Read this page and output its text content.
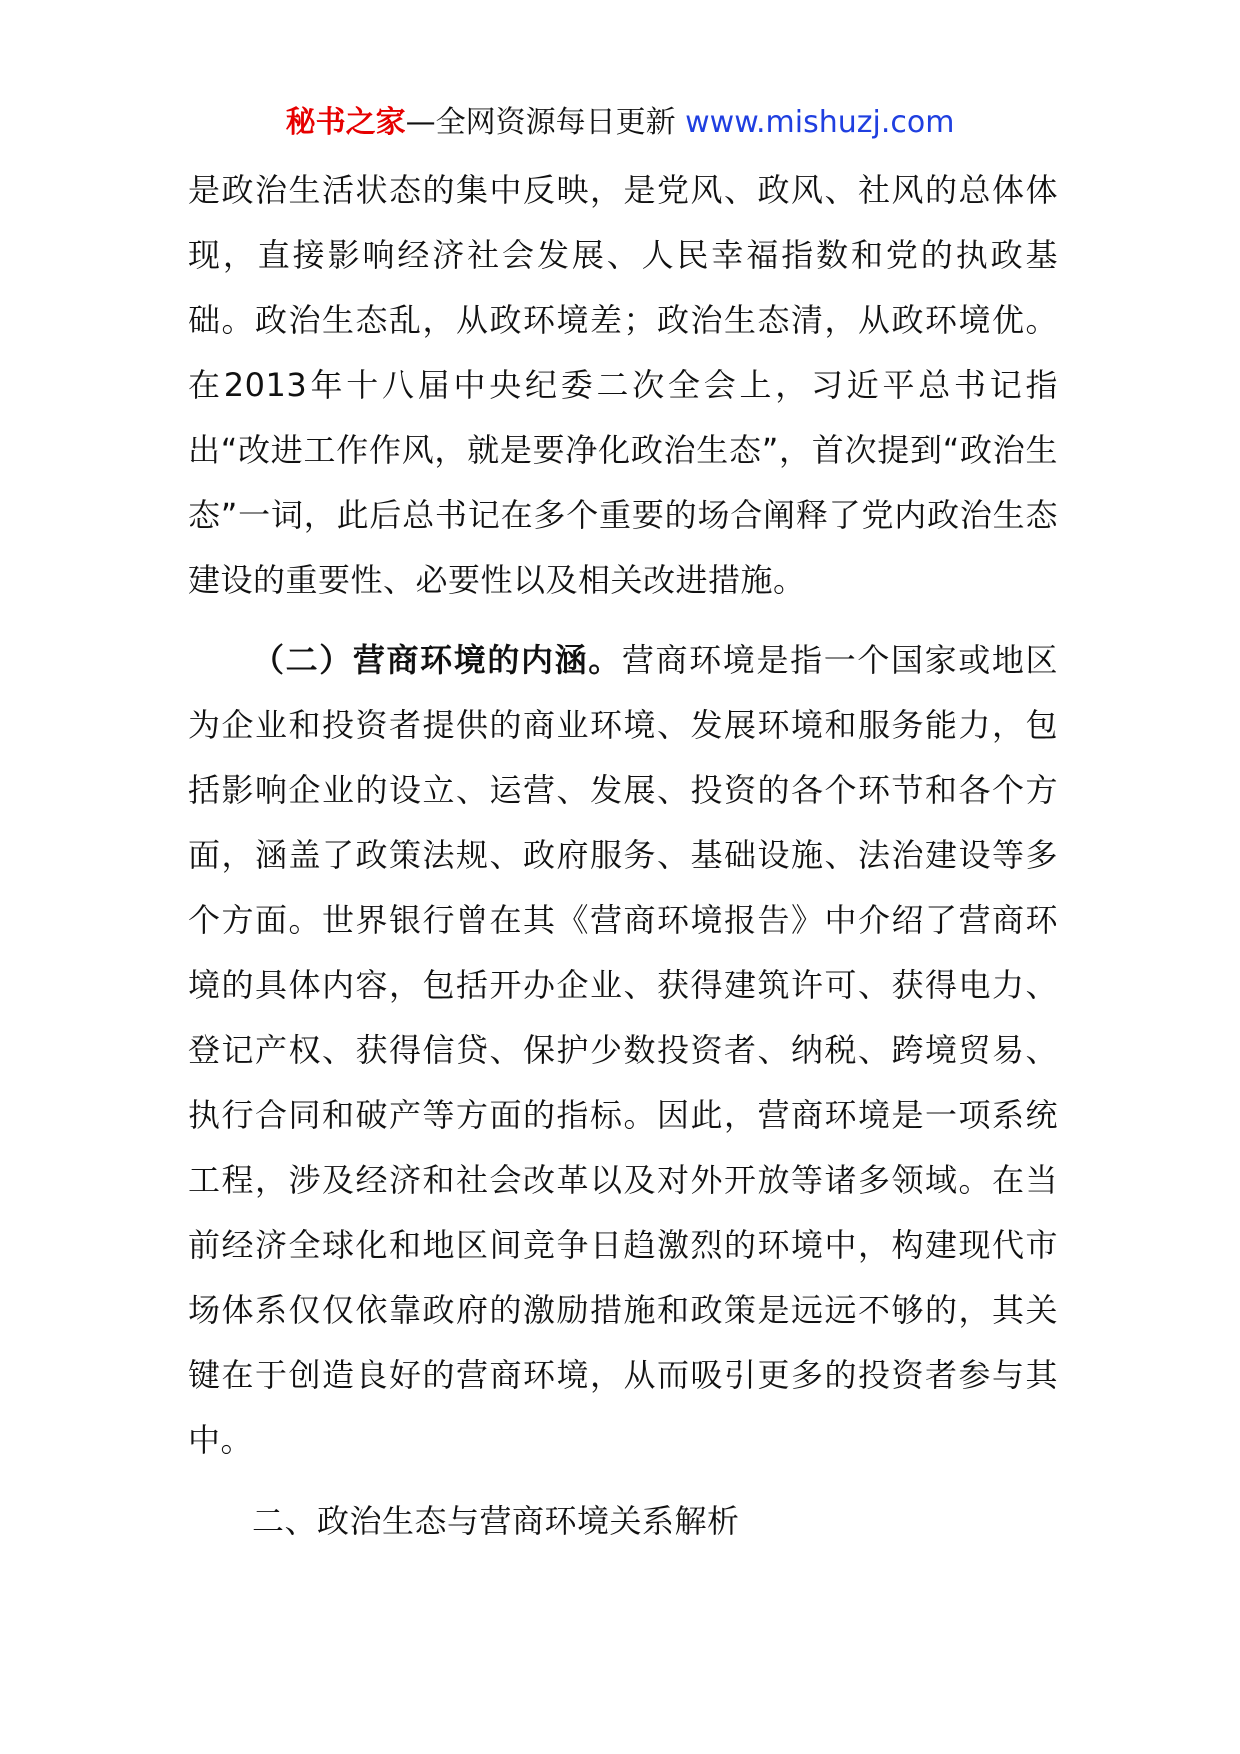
秘书之家—全网资源每日更新 www.mishuzj.com

是政治生活状态的集中反映，是党风、政风、社风的总体体现，直接影响经济社会发展、人民幸福指数和党的执政基础。政治生态乱，从政环境差；政治生态清，从政环境优。在2013年十八届中央纪委二次全会上，习近平总书记指出“改进工作作风，就是要净化政治生态”，首次提到“政治生态”一词，此后总书记在多个重要的场合阐释了党内政治生态建设的重要性、必要性以及相关改进措施。

（二）营商环境的内涵。营商环境是指一个国家或地区为企业和投资者提供的商业环境、发展环境和服务能力，包括影响企业的设立、运营、发展、投资的各个环节和各个方面，涵盖了政策法规、政府服务、基础设施、法治建设等多个方面。世界银行曾在其《营商环境报告》中介绍了营商环境的具体内容，包括开办企业、获得建筑许可、获得电力、登记产权、获得信贷、保护少数投资者、纳税、跨境贸易、执行合同和破产等方面的指标。因此，营商环境是一项系统工程，涉及经济和社会改革以及对外开放等诸多领域。在当前经济全球化和地区间竞争日趋激烈的环境中，构建现代市场体系仅仅依靠政府的激励措施和政策是远远不够的，其关键在于创造良好的营商环境，从而吸引更多的投资者参与其中。

二、政治生态与营商环境关系解析
